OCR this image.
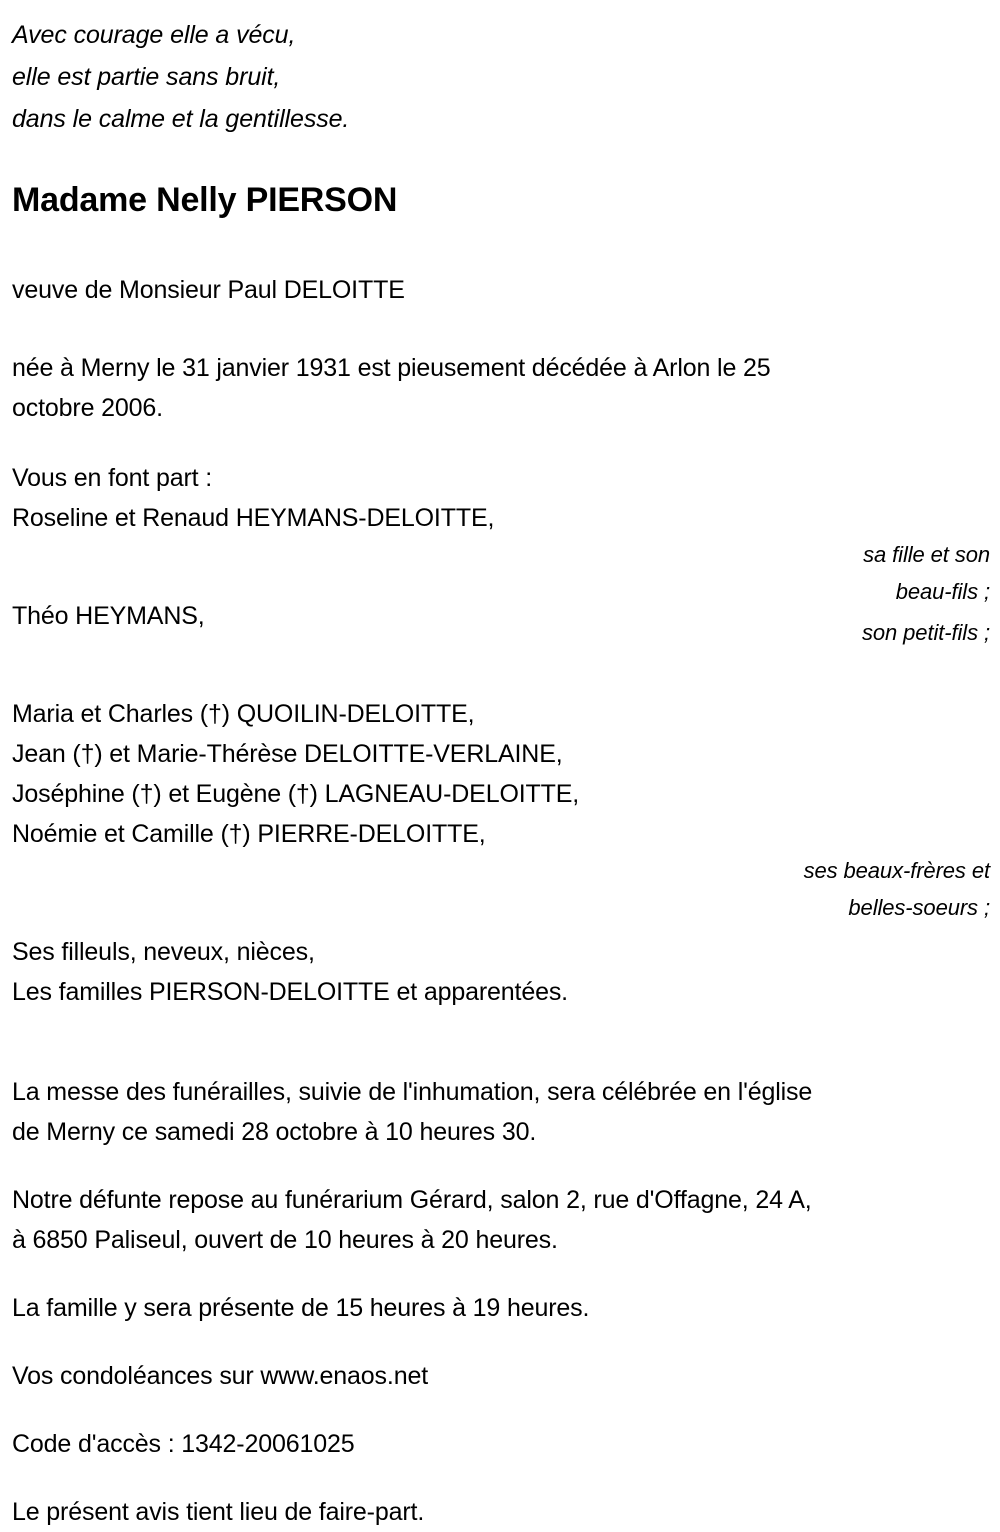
Avec courage elle a vécu,
elle est partie sans bruit,
dans le calme et la gentillesse.
Madame Nelly PIERSON
veuve de Monsieur Paul DELOITTE
née à Merny le 31 janvier 1931 est pieusement décédée à Arlon le 25
octobre 2006.
Vous en font part :
Roseline et Renaud HEYMANS-DELOITTE,
sa fille et son
beau-fils ;
Théo HEYMANS,
son petit-fils ;
Maria et Charles (†) QUOILIN-DELOITTE,
Jean (†) et Marie-Thérèse DELOITTE-VERLAINE,
Joséphine (†) et Eugène (†) LAGNEAU-DELOITTE,
Noémie et Camille (†) PIERRE-DELOITTE,
ses beaux-frères et
belles-soeurs ;
Ses filleuls, neveux, nièces,
Les familles PIERSON-DELOITTE et apparentées.
La messe des funérailles, suivie de l'inhumation, sera célébrée en l'église
de Merny ce samedi 28 octobre à 10 heures 30.
Notre défunte repose au funérarium Gérard, salon 2, rue d'Offagne, 24 A,
à 6850 Paliseul, ouvert de 10 heures à 20 heures.
La famille y sera présente de 15 heures à 19 heures.
Vos condoléances sur www.enaos.net
Code d'accès : 1342-20061025
Le présent avis tient lieu de faire-part.
